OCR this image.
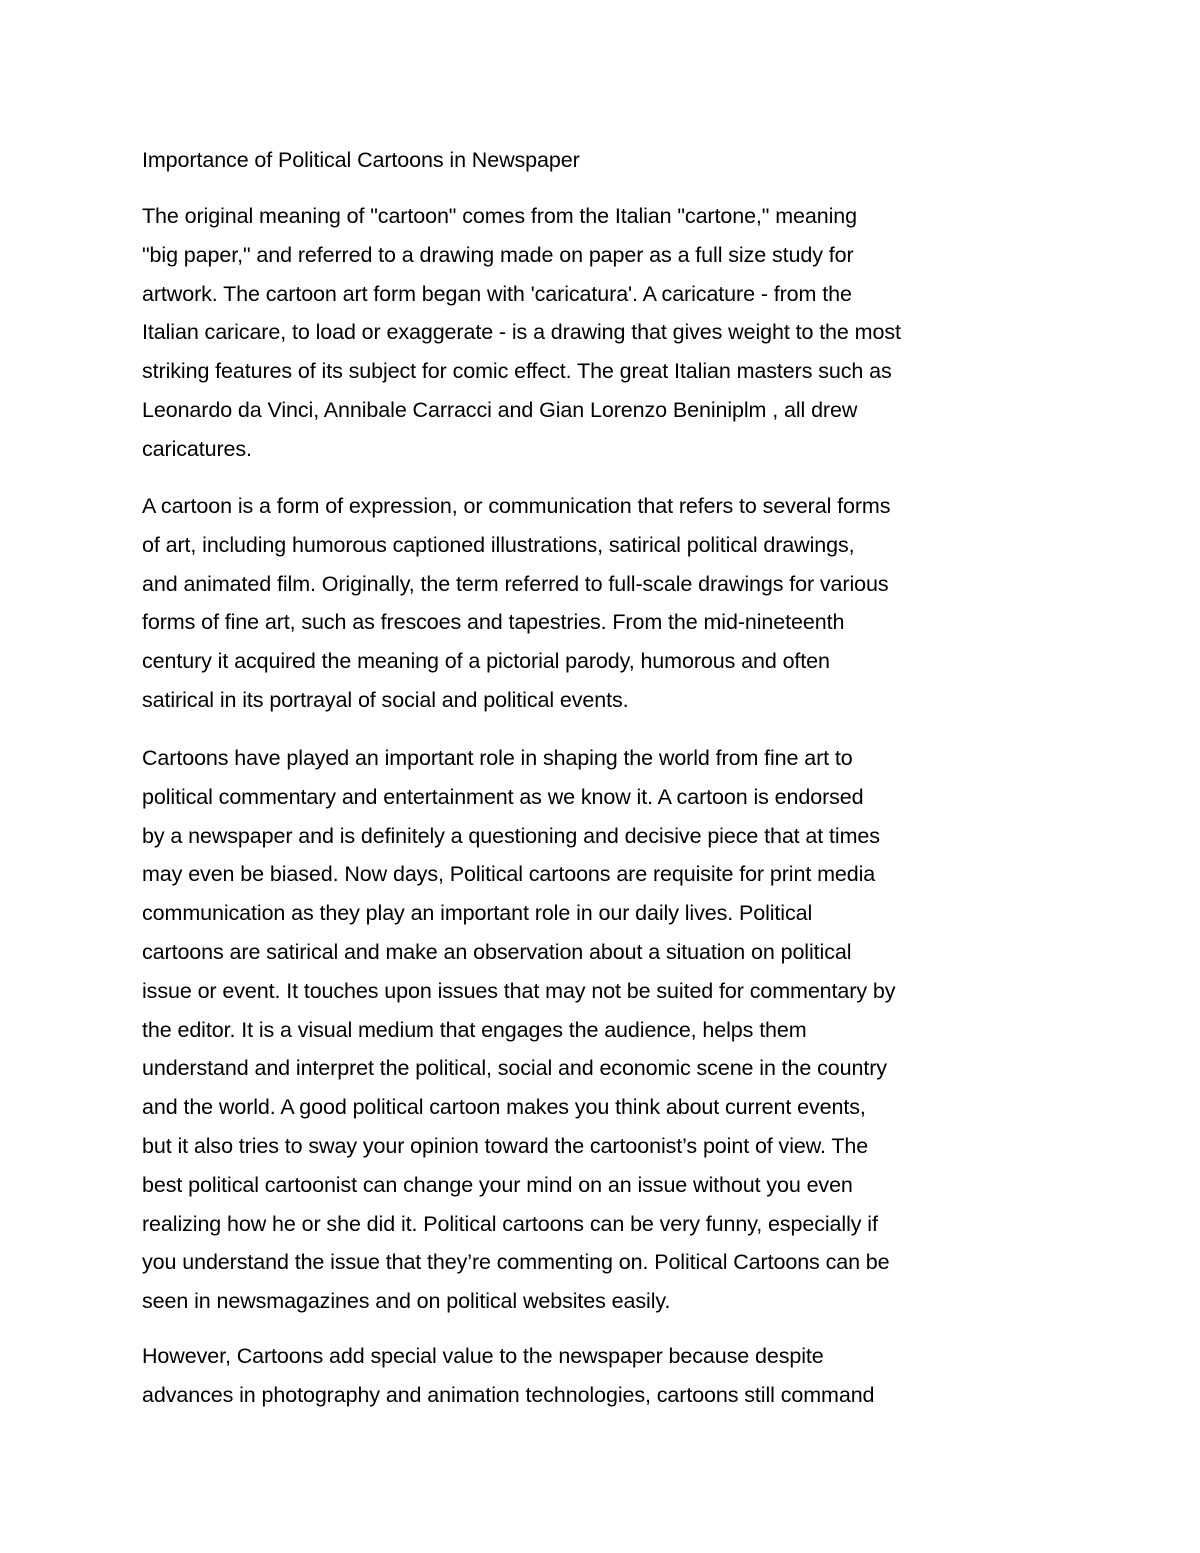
Importance of Political Cartoons in Newspaper
The original meaning of "cartoon" comes from the Italian "cartone," meaning
"big paper," and referred to a drawing made on paper as a full size study for
artwork. The cartoon art form began with 'caricatura'. A caricature - from the
Italian caricare, to load or exaggerate - is a drawing that gives weight to the most
striking features of its subject for comic effect. The great Italian masters such as
Leonardo da Vinci, Annibale Carracci and Gian Lorenzo Beniniplm , all drew
caricatures.
A cartoon is a form of expression, or communication that refers to several forms
of art, including humorous captioned illustrations, satirical political drawings,
and animated film. Originally, the term referred to full-scale drawings for various
forms of fine art, such as frescoes and tapestries. From the mid-nineteenth
century it acquired the meaning of a pictorial parody, humorous and often
satirical in its portrayal of social and political events.
Cartoons have played an important role in shaping the world from fine art to
political commentary and entertainment as we know it. A cartoon is endorsed
by a newspaper and is definitely a questioning and decisive piece that at times
may even be biased. Now days, Political cartoons are requisite for print media
communication as they play an important role in our daily lives. Political
cartoons are satirical and make an observation about a situation on political
issue or event. It touches upon issues that may not be suited for commentary by
the editor. It is a visual medium that engages the audience, helps them
understand and interpret the political, social and economic scene in the country
and the world. A good political cartoon makes you think about current events,
but it also tries to sway your opinion toward the cartoonist’s point of view. The
best political cartoonist can change your mind on an issue without you even
realizing how he or she did it. Political cartoons can be very funny, especially if
you understand the issue that they’re commenting on. Political Cartoons can be
seen in newsmagazines and on political websites easily.
However, Cartoons add special value to the newspaper because despite
advances in photography and animation technologies, cartoons still command
